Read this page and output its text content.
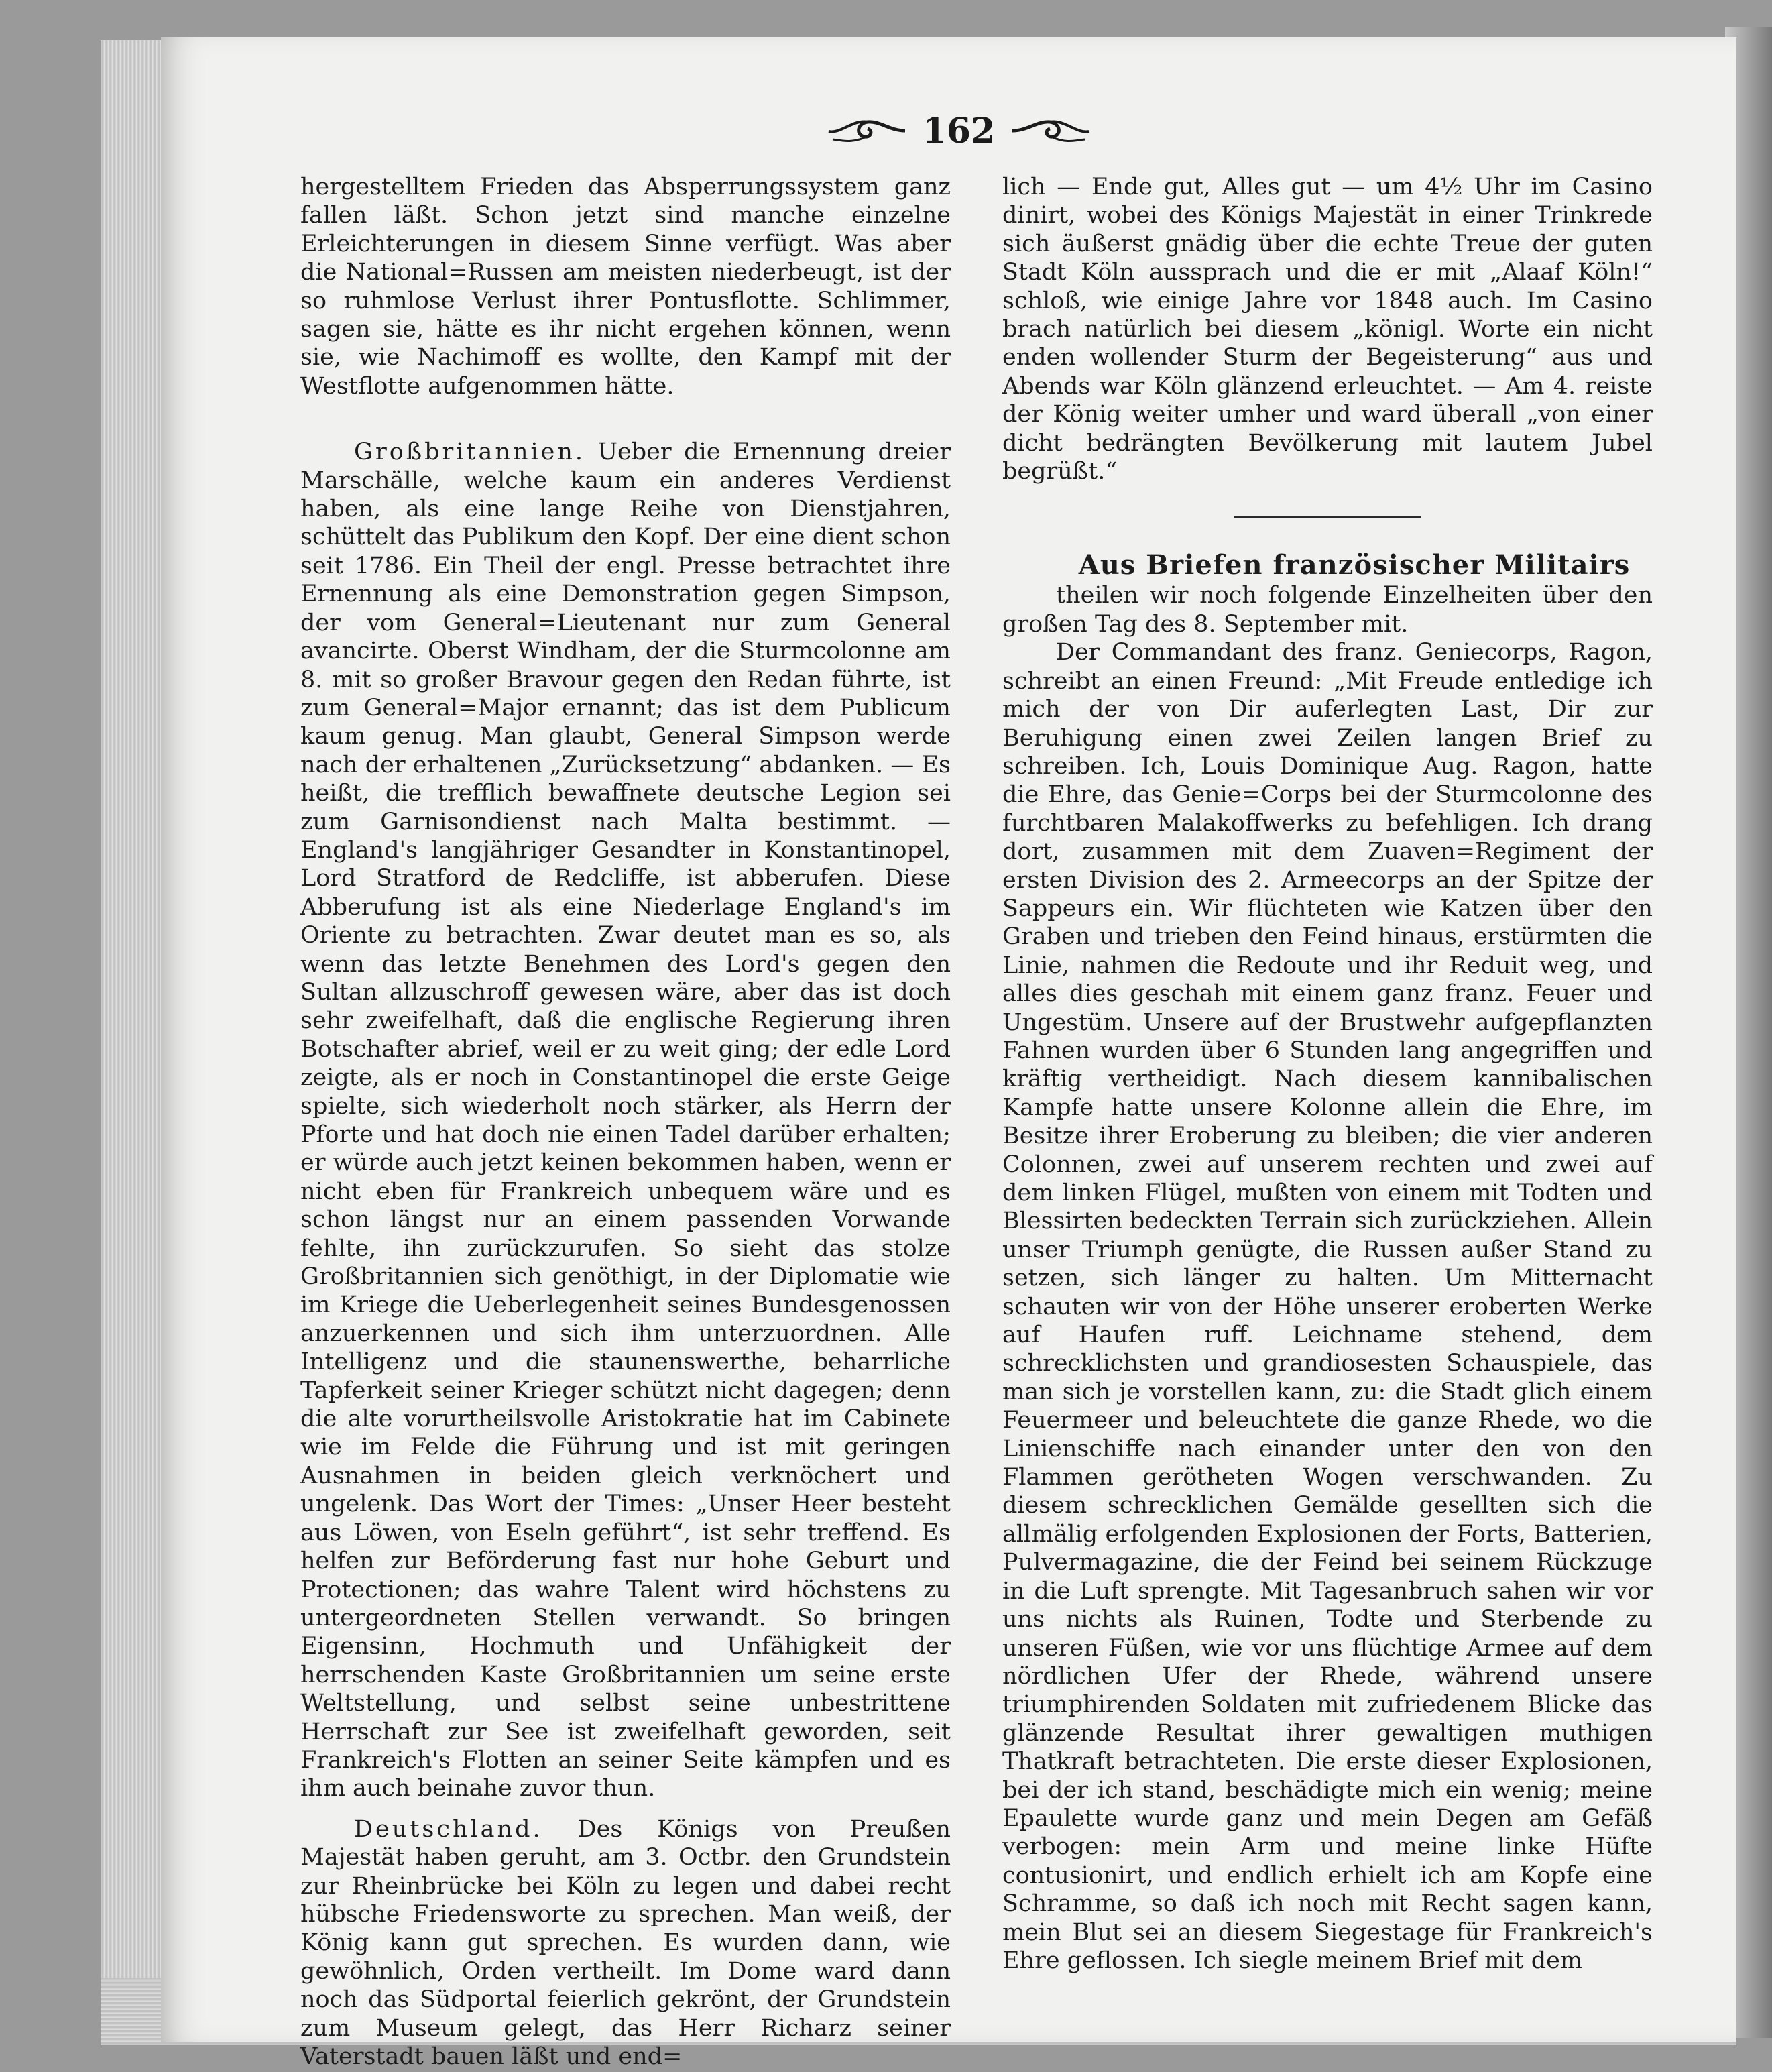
162

hergestelltem Frieden das Absperrungssystem ganz fallen läßt. Schon jetzt sind manche einzelne Erleichterungen in diesem Sinne verfügt. Was aber die National=Russen am meisten niederbeugt, ist der so ruhmlose Verlust ihrer Pontusflotte. Schlimmer, sagen sie, hätte es ihr nicht ergehen können, wenn sie, wie Nachimoff es wollte, den Kampf mit der Westflotte aufgenommen hätte.

Großbritannien. Ueber die Ernennung dreier Marschälle, welche kaum ein anderes Verdienst haben, als eine lange Reihe von Dienstjahren, schüttelt das Publikum den Kopf. Der eine dient schon seit 1786. Ein Theil der engl. Presse betrachtet ihre Ernennung als eine Demonstration gegen Simpson, der vom General=Lieutenant nur zum General avancirte. Oberst Windham, der die Sturmcolonne am 8. mit so großer Bravour gegen den Redan führte, ist zum General=Major ernannt; das ist dem Publicum kaum genug. Man glaubt, General Simpson werde nach der erhaltenen „Zurücksetzung“ abdanken. — Es heißt, die trefflich bewaffnete deutsche Legion sei zum Garnisondienst nach Malta bestimmt. — England's langjähriger Gesandter in Konstantinopel, Lord Stratford de Redcliffe, ist abberufen. Diese Abberufung ist als eine Niederlage England's im Oriente zu betrachten. Zwar deutet man es so, als wenn das letzte Benehmen des Lord's gegen den Sultan allzuschroff gewesen wäre, aber das ist doch sehr zweifelhaft, daß die englische Regierung ihren Botschafter abrief, weil er zu weit ging; der edle Lord zeigte, als er noch in Constantinopel die erste Geige spielte, sich wiederholt noch stärker, als Herrn der Pforte und hat doch nie einen Tadel darüber erhalten; er würde auch jetzt keinen bekommen haben, wenn er nicht eben für Frankreich unbequem wäre und es schon längst nur an einem passenden Vorwande fehlte, ihn zurückzurufen. So sieht das stolze Großbritannien sich genöthigt, in der Diplomatie wie im Kriege die Ueberlegenheit seines Bundesgenossen anzuerkennen und sich ihm unterzuordnen. Alle Intelligenz und die staunenswerthe, beharrliche Tapferkeit seiner Krieger schützt nicht dagegen; denn die alte vorurtheilsvolle Aristokratie hat im Cabinete wie im Felde die Führung und ist mit geringen Ausnahmen in beiden gleich verknöchert und ungelenk. Das Wort der Times: „Unser Heer besteht aus Löwen, von Eseln geführt“, ist sehr treffend. Es helfen zur Beförderung fast nur hohe Geburt und Protectionen; das wahre Talent wird höchstens zu untergeordneten Stellen verwandt. So bringen Eigensinn, Hochmuth und Unfähigkeit der herrschenden Kaste Großbritannien um seine erste Weltstellung, und selbst seine unbestrittene Herrschaft zur See ist zweifelhaft geworden, seit Frankreich's Flotten an seiner Seite kämpfen und es ihm auch beinahe zuvor thun.

Deutschland. Des Königs von Preußen Majestät haben geruht, am 3. Octbr. den Grundstein zur Rheinbrücke bei Köln zu legen und dabei recht hübsche Friedensworte zu sprechen. Man weiß, der König kann gut sprechen. Es wurden dann, wie gewöhnlich, Orden vertheilt. Im Dome ward dann noch das Südportal feierlich gekrönt, der Grundstein zum Museum gelegt, das Herr Richarz seiner Vaterstadt bauen läßt und end=

lich — Ende gut, Alles gut — um 4½ Uhr im Casino dinirt, wobei des Königs Majestät in einer Trinkrede sich äußerst gnädig über die echte Treue der guten Stadt Köln aussprach und die er mit „Alaaf Köln!“ schloß, wie einige Jahre vor 1848 auch. Im Casino brach natürlich bei diesem „königl. Worte ein nicht enden wollender Sturm der Begeisterung“ aus und Abends war Köln glänzend erleuchtet. — Am 4. reiste der König weiter umher und ward überall „von einer dicht bedrängten Bevölkerung mit lautem Jubel begrüßt.“

Aus Briefen französischer Militairs

theilen wir noch folgende Einzelheiten über den großen Tag des 8. September mit.

Der Commandant des franz. Geniecorps, Ragon, schreibt an einen Freund: „Mit Freude entledige ich mich der von Dir auferlegten Last, Dir zur Beruhigung einen zwei Zeilen langen Brief zu schreiben. Ich, Louis Dominique Aug. Ragon, hatte die Ehre, das Genie=Corps bei der Sturmcolonne des furchtbaren Malakoffwerks zu befehligen. Ich drang dort, zusammen mit dem Zuaven=Regiment der ersten Division des 2. Armeecorps an der Spitze der Sappeurs ein. Wir flüchteten wie Katzen über den Graben und trieben den Feind hinaus, erstürmten die Linie, nahmen die Redoute und ihr Reduit weg, und alles dies geschah mit einem ganz franz. Feuer und Ungestüm. Unsere auf der Brustwehr aufgepflanzten Fahnen wurden über 6 Stunden lang angegriffen und kräftig vertheidigt. Nach diesem kannibalischen Kampfe hatte unsere Kolonne allein die Ehre, im Besitze ihrer Eroberung zu bleiben; die vier anderen Colonnen, zwei auf unserem rechten und zwei auf dem linken Flügel, mußten von einem mit Todten und Blessirten bedeckten Terrain sich zurückziehen. Allein unser Triumph genügte, die Russen außer Stand zu setzen, sich länger zu halten. Um Mitternacht schauten wir von der Höhe unserer eroberten Werke auf Haufen ruff. Leichname stehend, dem schrecklichsten und grandiosesten Schauspiele, das man sich je vorstellen kann, zu: die Stadt glich einem Feuermeer und beleuchtete die ganze Rhede, wo die Linienschiffe nach einander unter den von den Flammen gerötheten Wogen verschwanden. Zu diesem schrecklichen Gemälde gesellten sich die allmälig erfolgenden Explosionen der Forts, Batterien, Pulvermagazine, die der Feind bei seinem Rückzuge in die Luft sprengte. Mit Tagesanbruch sahen wir vor uns nichts als Ruinen, Todte und Sterbende zu unseren Füßen, wie vor uns flüchtige Armee auf dem nördlichen Ufer der Rhede, während unsere triumphirenden Soldaten mit zufriedenem Blicke das glänzende Resultat ihrer gewaltigen muthigen Thatkraft betrachteten. Die erste dieser Explosionen, bei der ich stand, beschädigte mich ein wenig; meine Epaulette wurde ganz und mein Degen am Gefäß verbogen: mein Arm und meine linke Hüfte contusionirt, und endlich erhielt ich am Kopfe eine Schramme, so daß ich noch mit Recht sagen kann, mein Blut sei an diesem Siegestage für Frankreich's Ehre geflossen. Ich siegle meinem Brief mit dem
